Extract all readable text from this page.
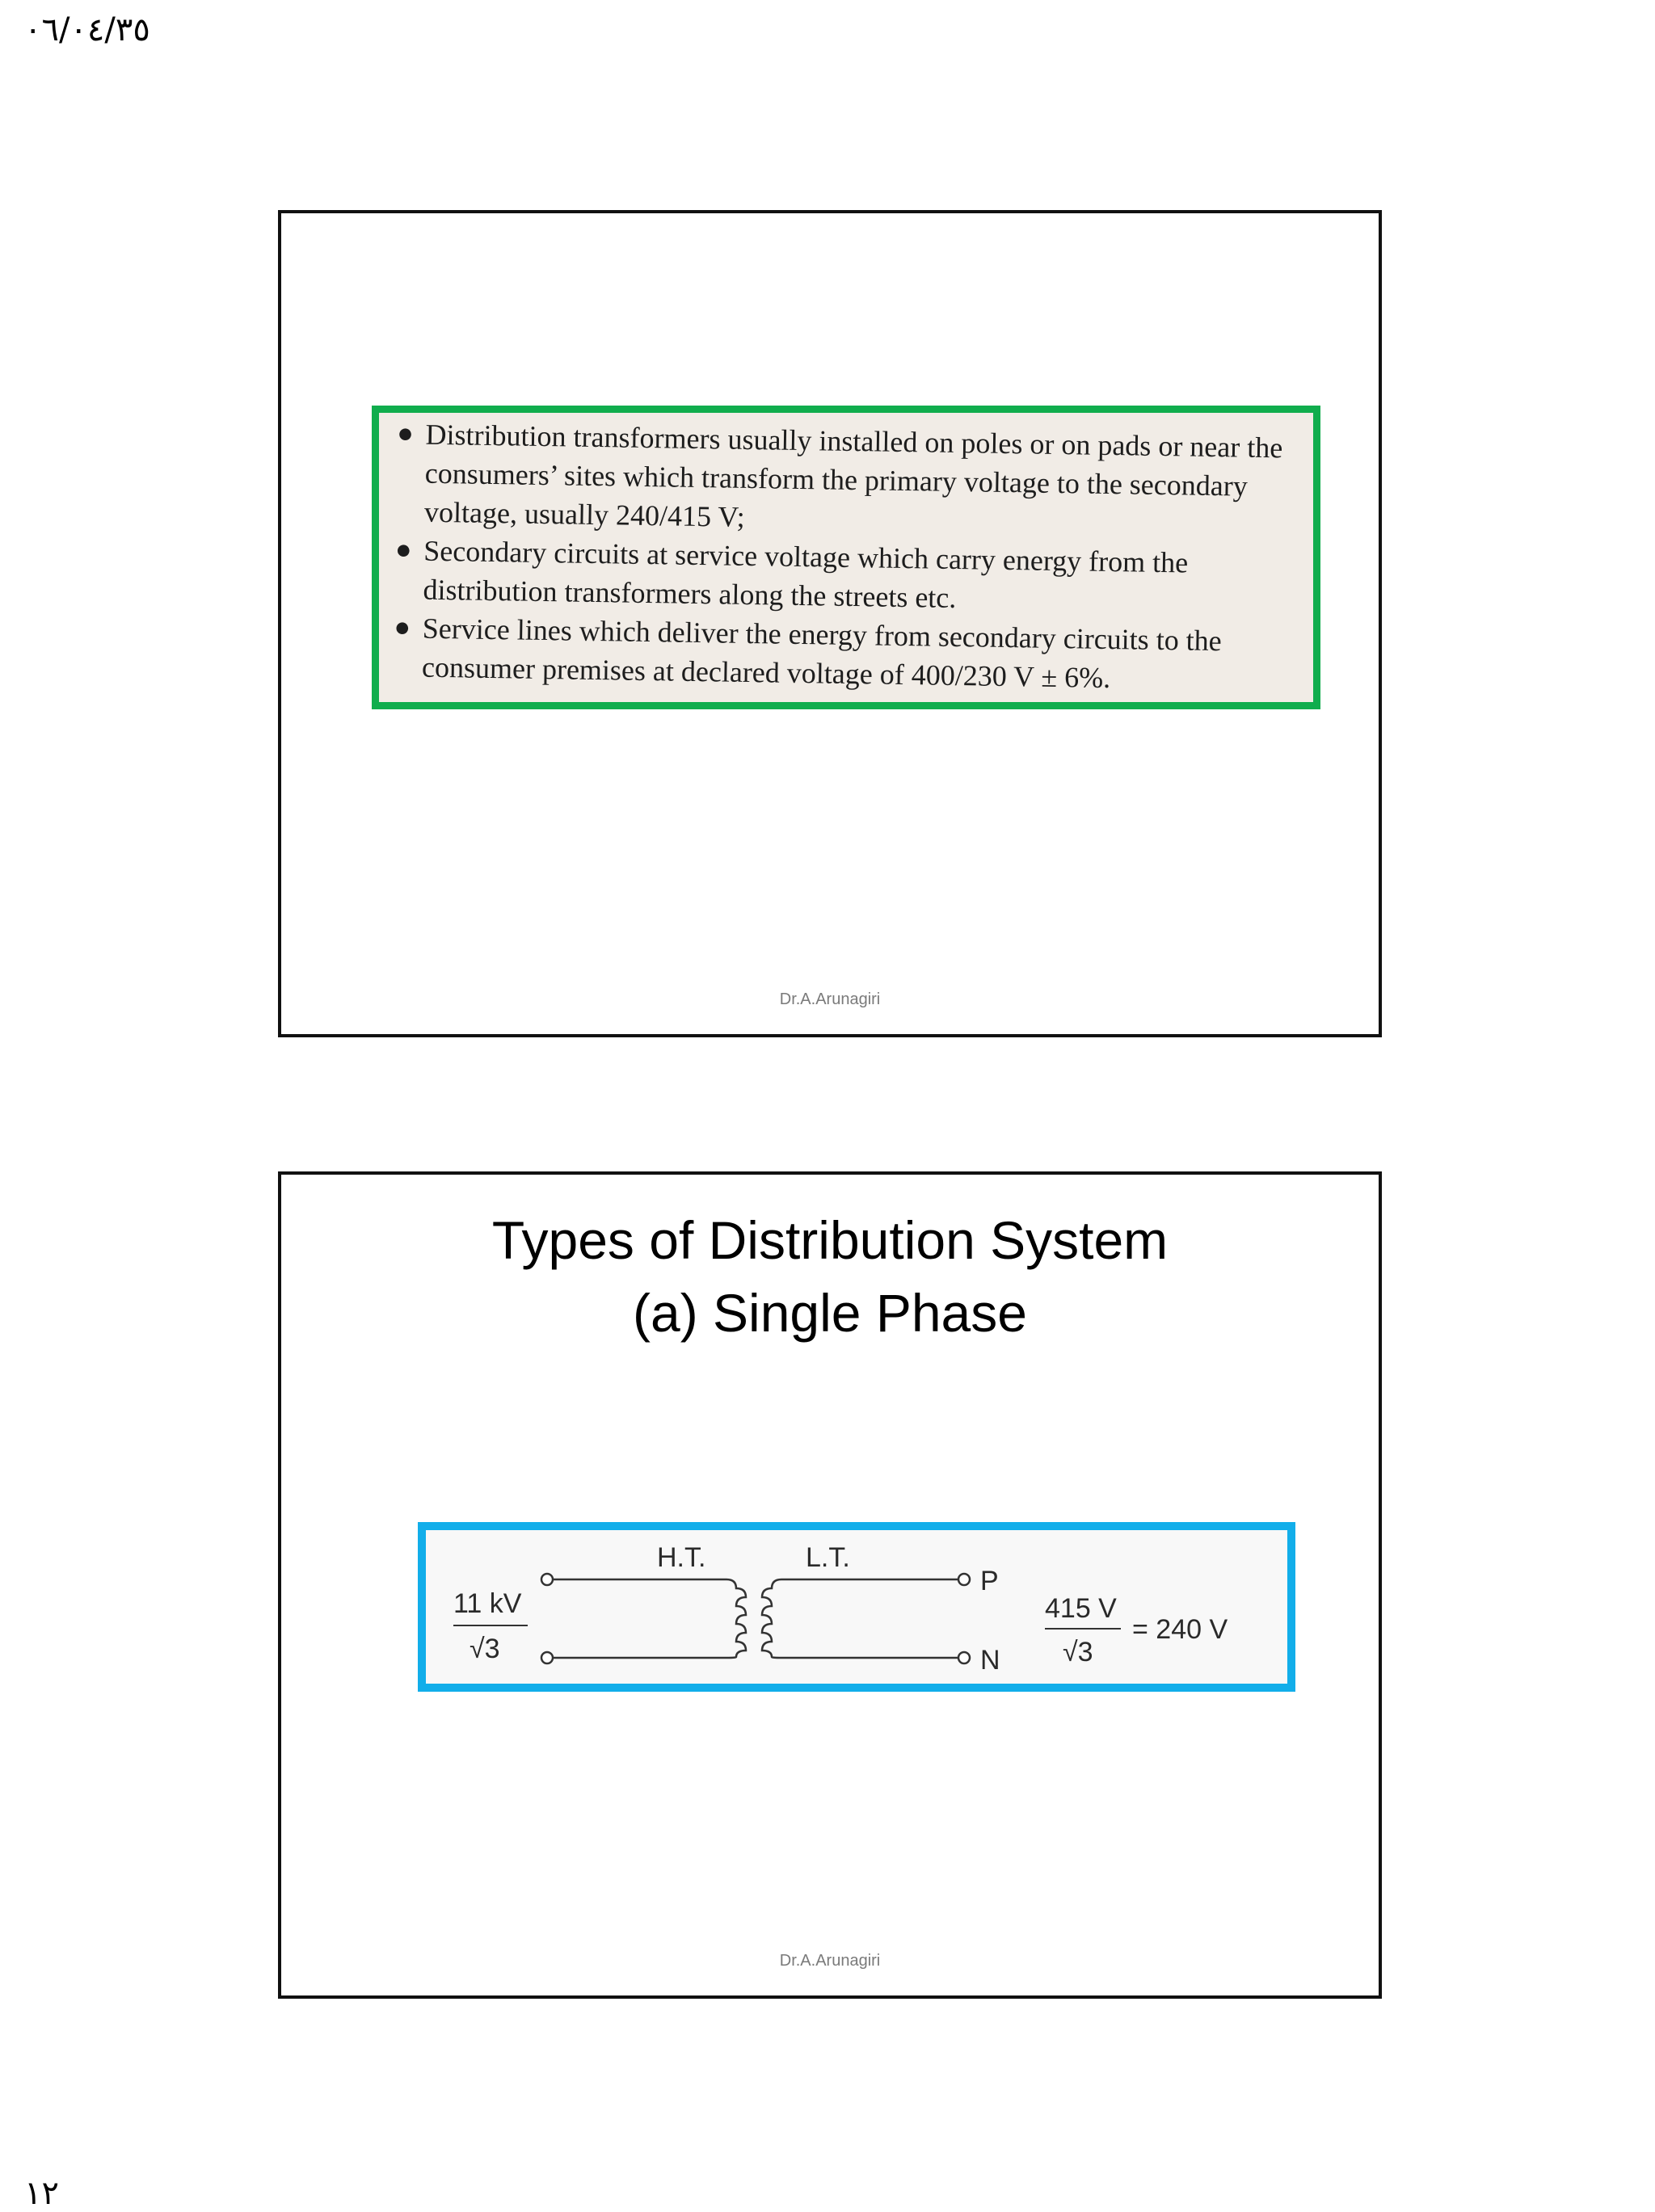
٠٦/٠٤/٣٥
● Distribution transformers usually installed on poles or on pads or near the consumers’ sites which transform the primary voltage to the secondary voltage, usually 240/415 V;
● Secondary circuits at service voltage which carry energy from the distribution transformers along the streets etc.
● Service lines which deliver the energy from secondary circuits to the consumer premises at declared voltage of 400/230 V ± 6%.
Dr.A.Arunagiri
Types of Distribution System
(a) Single Phase
H.T.	L.T.
11 kV
√3
P
N
415 V
√3
= 240 V
Dr.A.Arunagiri
١٢
